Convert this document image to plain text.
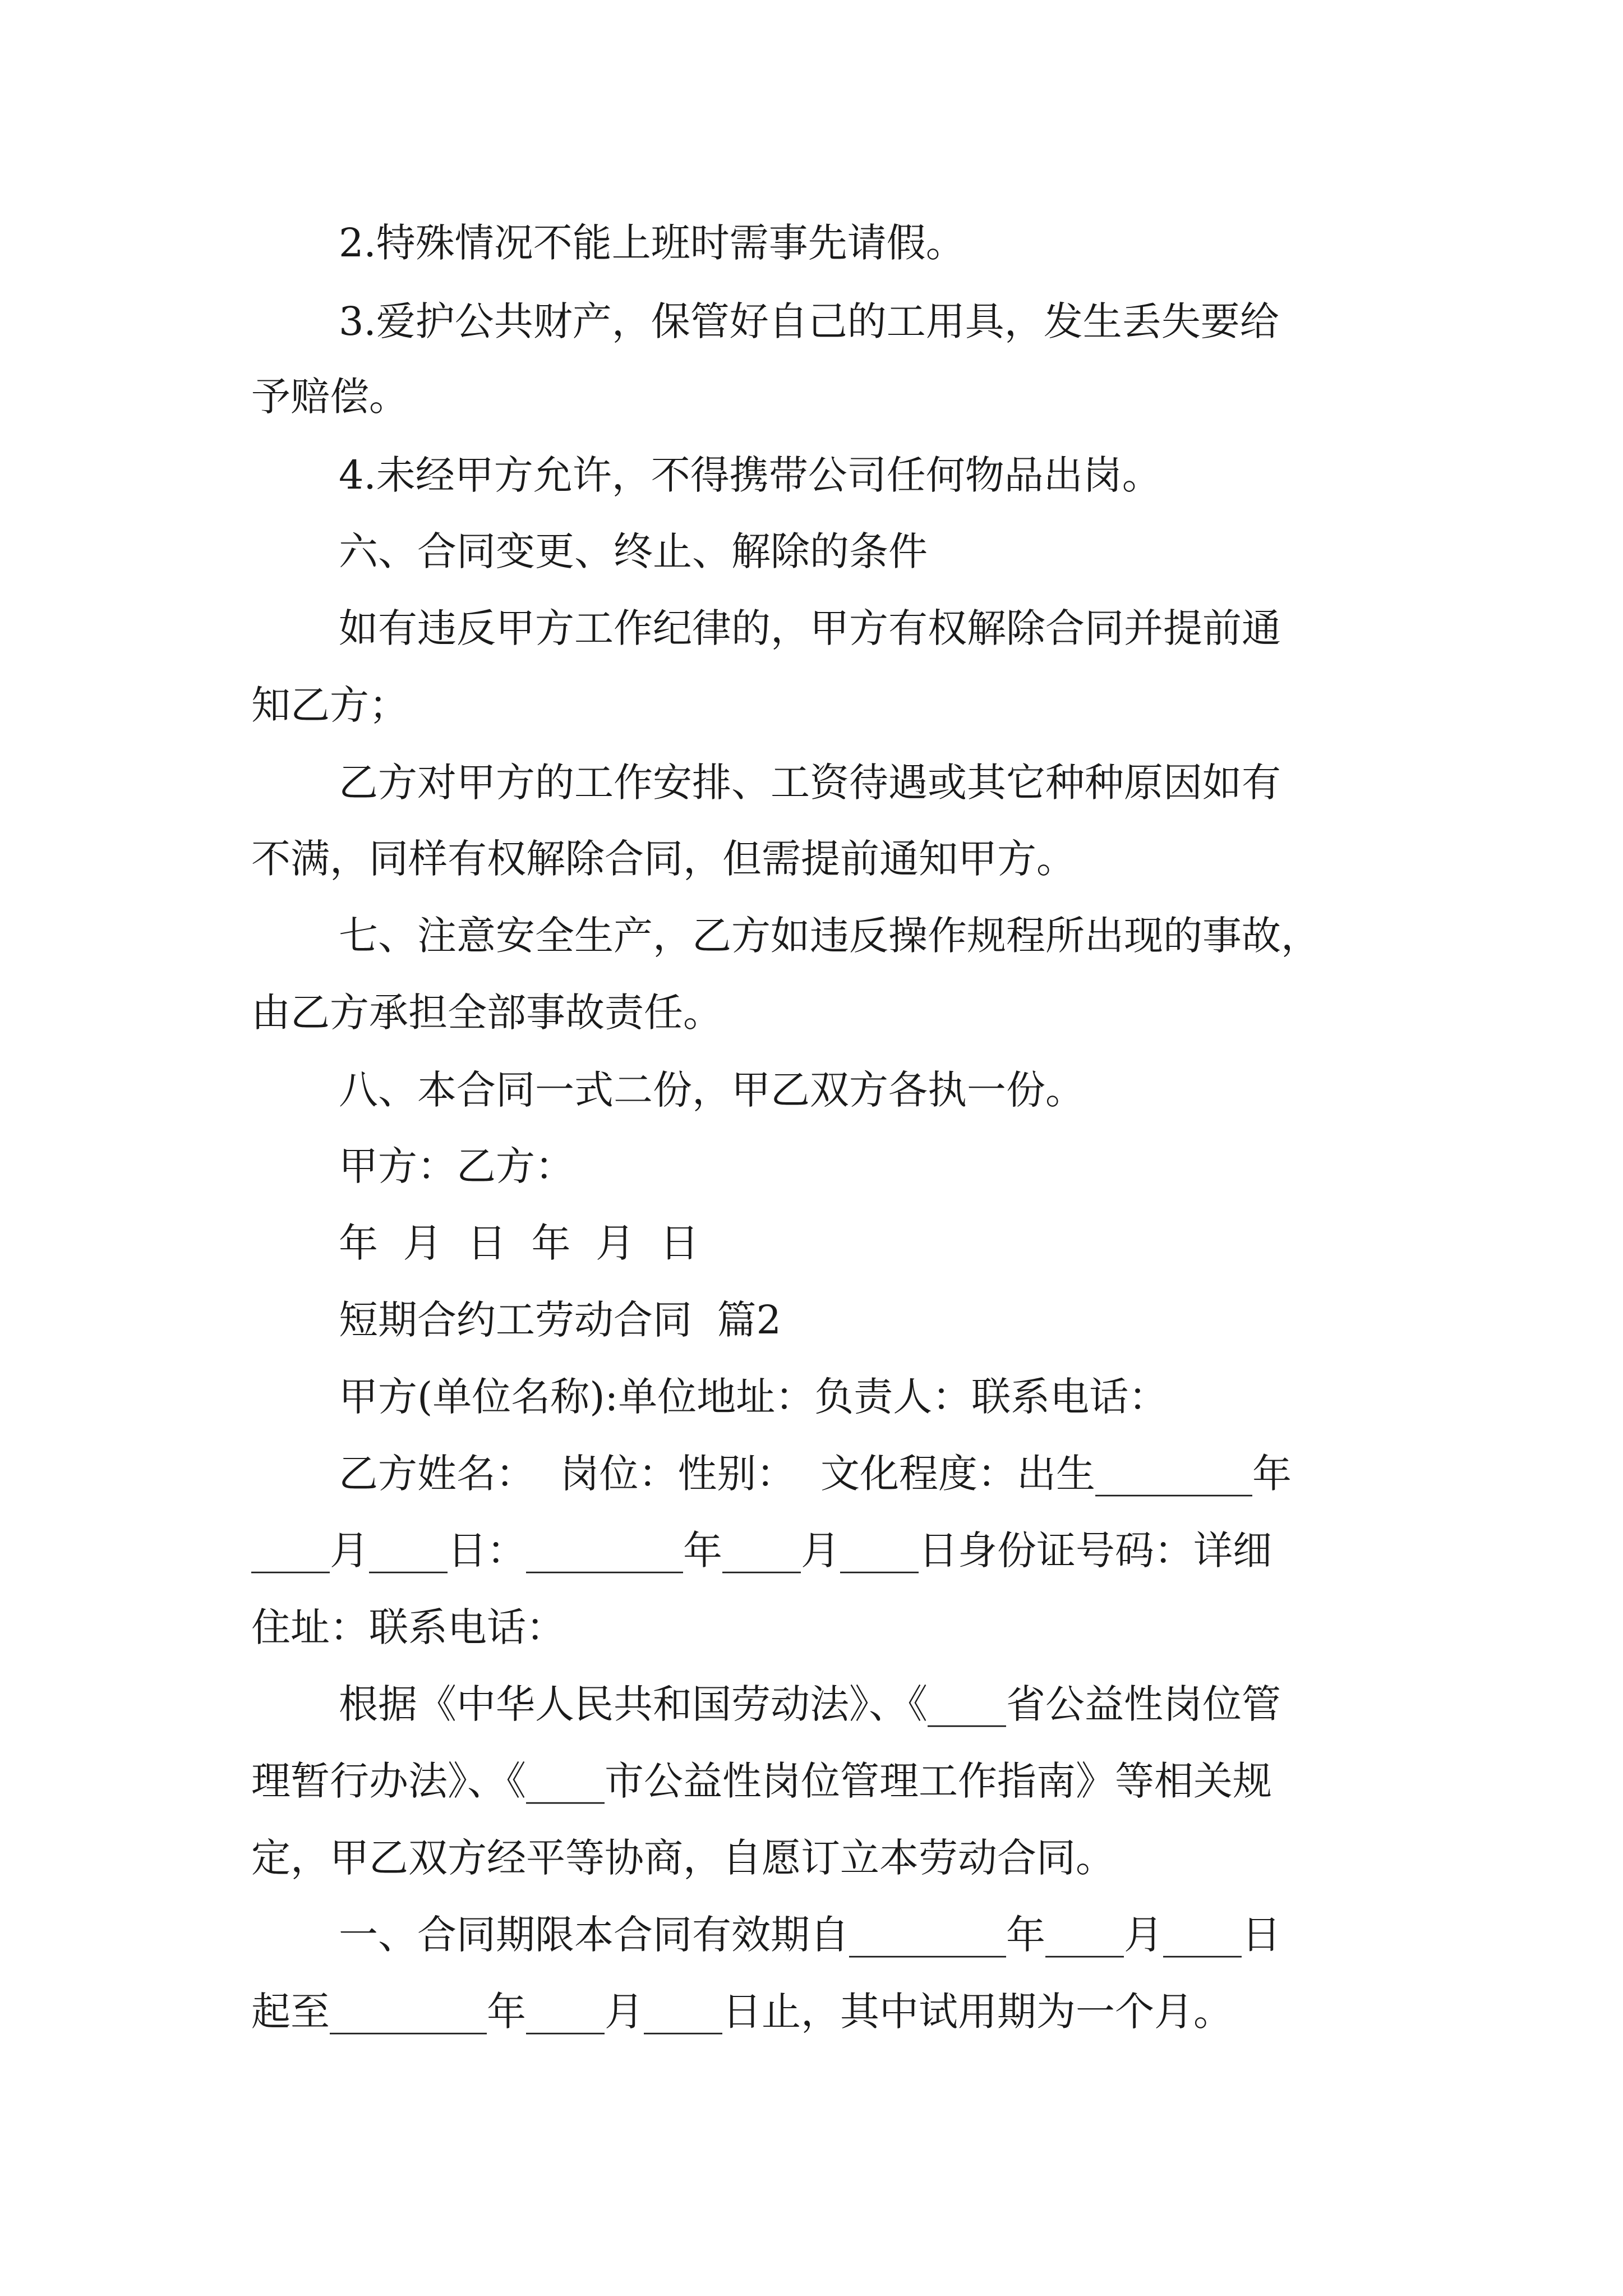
2.特殊情况不能上班时需事先请假。
3.爱护公共财产，保管好自己的工用具，发生丢失要给
予赔偿。
4.未经甲方允许，不得携带公司任何物品出岗。
六、合同变更、终止、解除的条件
如有违反甲方工作纪律的，甲方有权解除合同并提前通
知乙方；
乙方对甲方的工作安排、工资待遇或其它种种原因如有
不满，同样有权解除合同，但需提前通知甲方。
七、注意安全生产，乙方如违反操作规程所出现的事故，
由乙方承担全部事故责任。
八、本合同一式二份，甲乙双方各执一份。
甲方：乙方：
年  月  日  年  月  日
短期合约工劳动合同  篇2
甲方(单位名称):单位地址：负责人：联系电话：
乙方姓名：  岗位：性别：  文化程度：出生________年
____月____日：________年____月____日身份证号码：详细
住址：联系电话：
根据《中华人民共和国劳动法》、《____省公益性岗位管
理暂行办法》、《____市公益性岗位管理工作指南》等相关规
定，甲乙双方经平等协商，自愿订立本劳动合同。
一、合同期限本合同有效期自________年____月____日
起至________年____月____日止，其中试用期为一个月。
